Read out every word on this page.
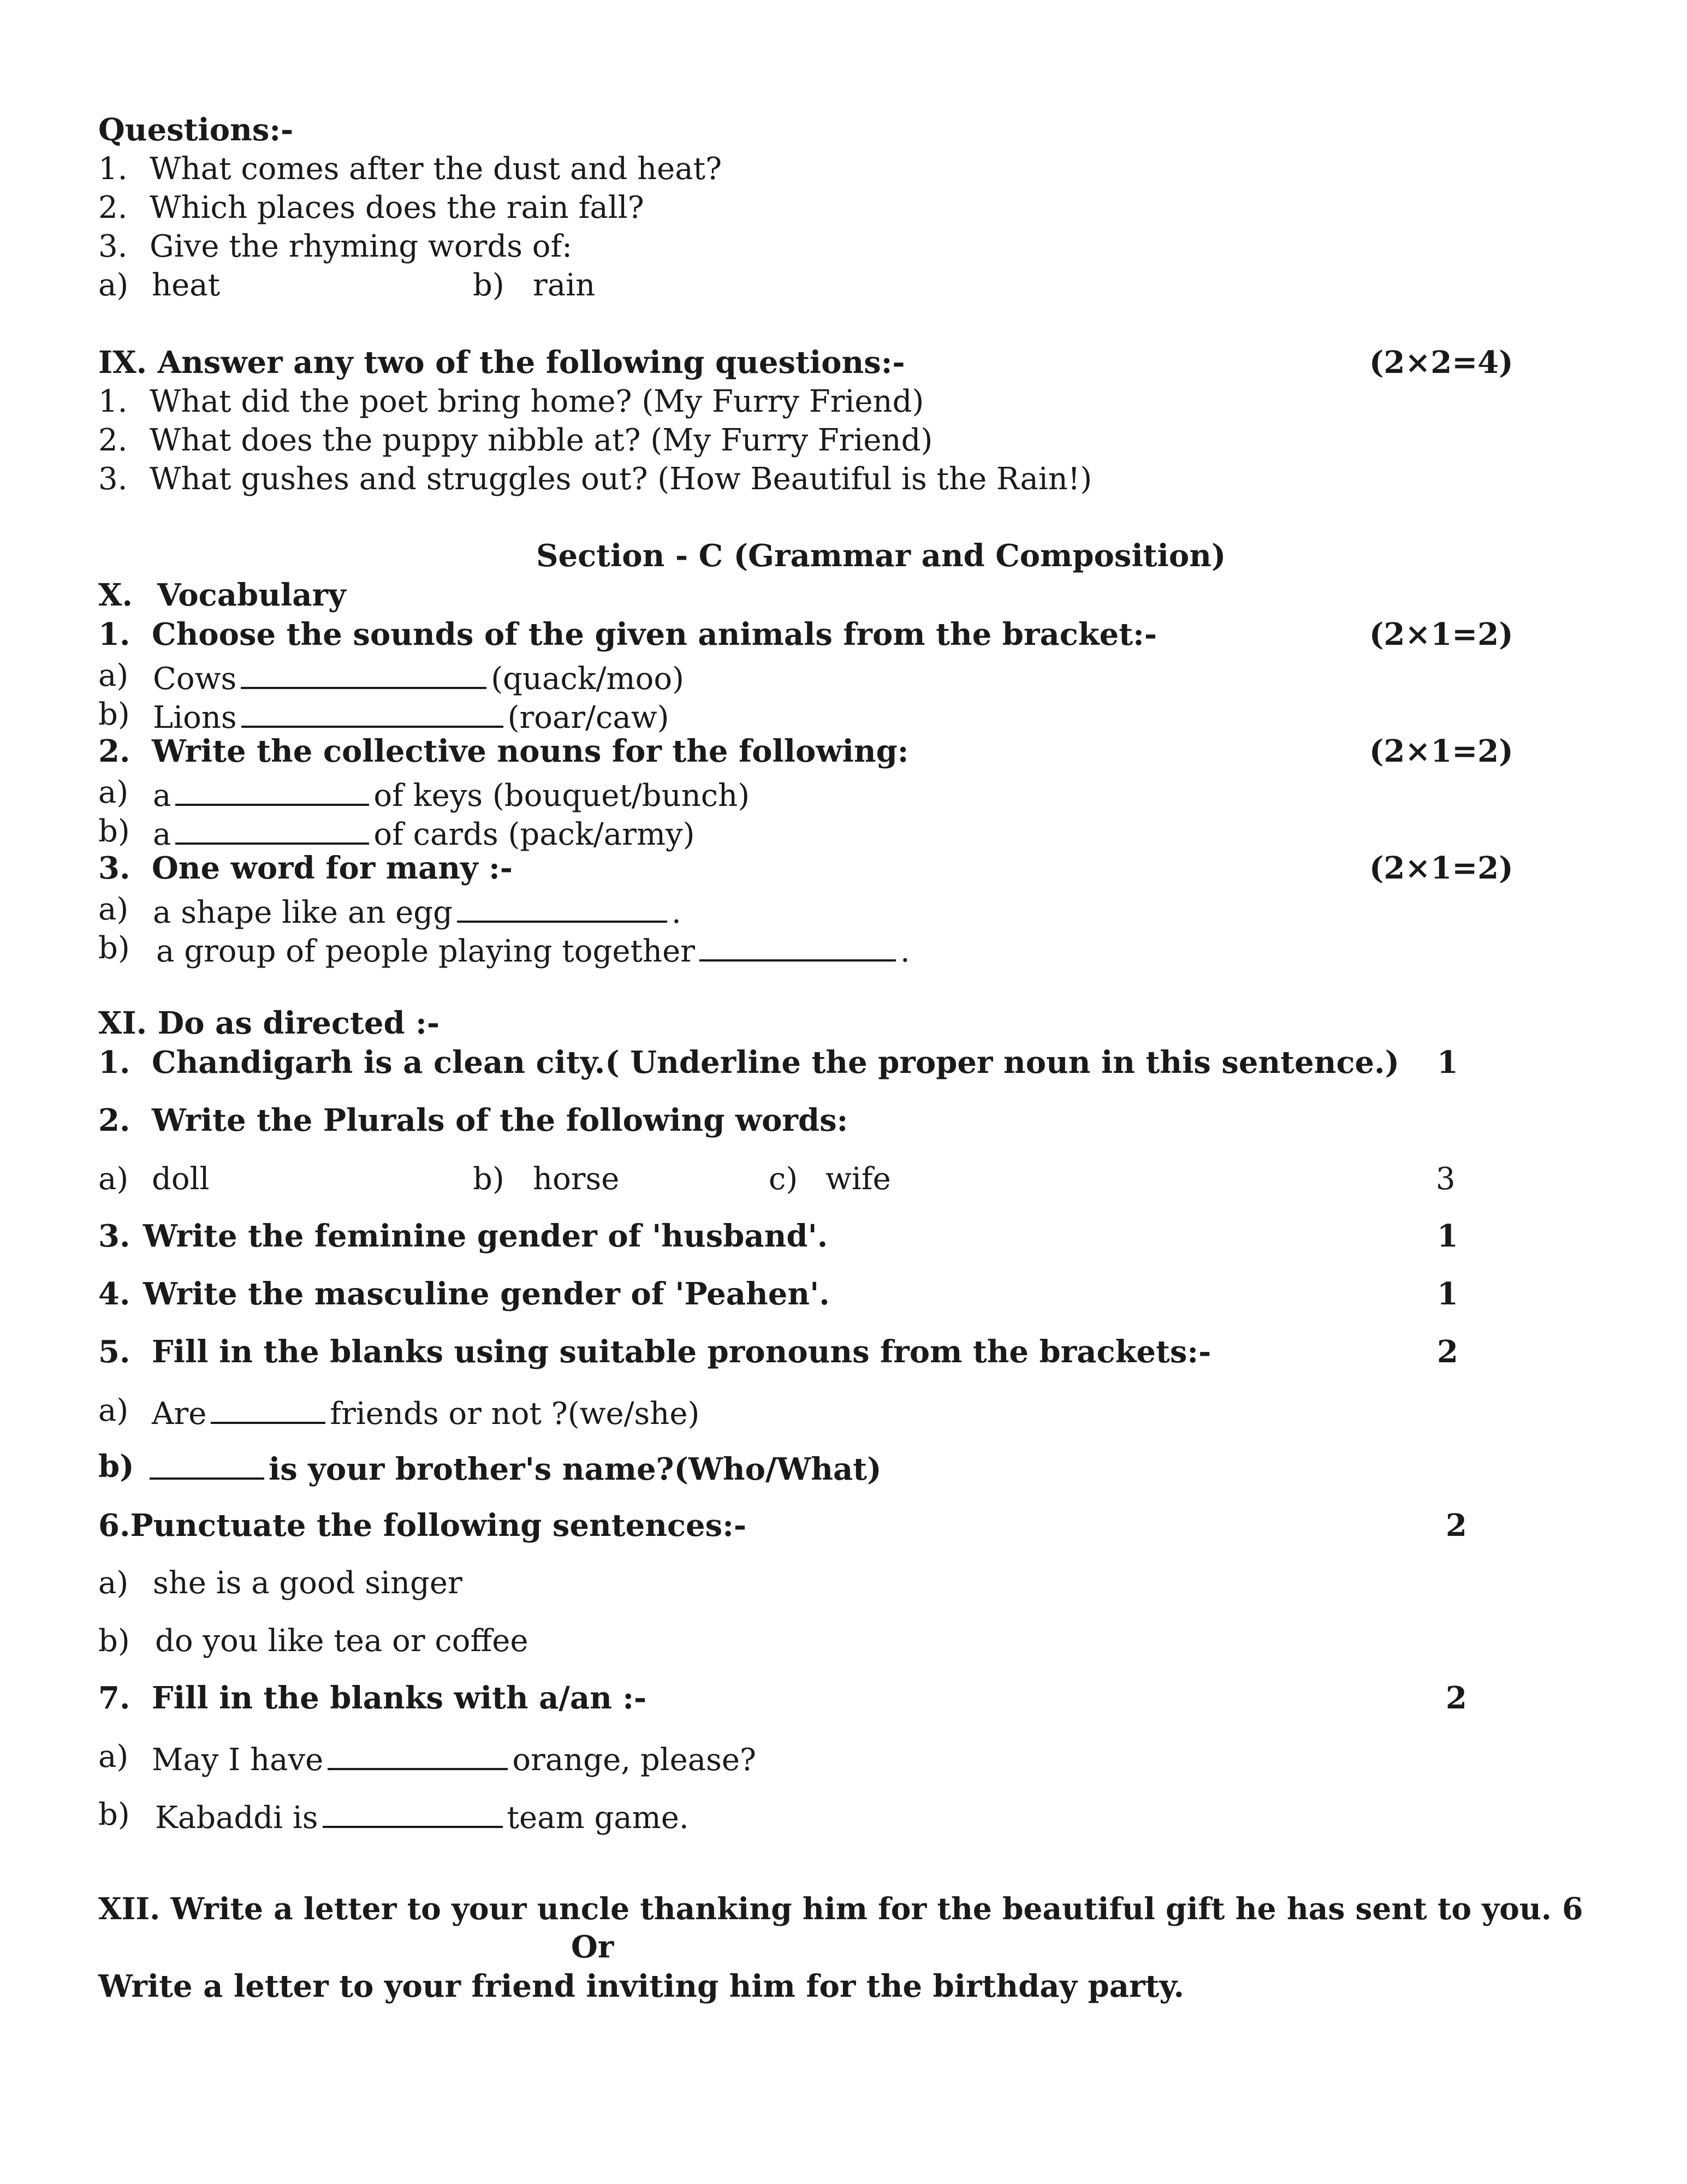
Questions:-
1. What comes after the dust and heat?
2. Which places does the rain fall?
3. Give the rhyming words of:
a) heat	b) rain
IX. Answer any two of the following questions:-	(2×2=4)
1. What did the poet bring home? (My Furry Friend)
2. What does the puppy nibble at? (My Furry Friend)
3. What gushes and struggles out? (How Beautiful is the Rain!)
Section - C (Grammar and Composition)
X. Vocabulary
1. Choose the sounds of the given animals from the bracket:-	(2×1=2)
a) Cows	(quack/moo)
b) Lions	(roar/caw)
2. Write the collective nouns for the following:	(2×1=2)
a) a	of keys (bouquet/bunch)
b) a	of cards (pack/army)
3. One word for many :-	(2×1=2)
a) a shape like an egg	.
b) a group of people playing together	.
XI. Do as directed :-
1. Chandigarh is a clean city.( Underline the proper noun in this sentence.) 1
2. Write the Plurals of the following words:
a) doll	b) horse	c) wife	3
3. Write the feminine gender of 'husband'.	1
4. Write the masculine gender of 'Peahen'.	1
5. Fill in the blanks using suitable pronouns from the brackets:-	2
a) Are	friends or not ?(we/she)
b)	is your brother's name?(Who/What)
6.Punctuate the following sentences:-	2
a) she is a good singer
b) do you like tea or coffee
7. Fill in the blanks with a/an :-	2
a) May I have	orange, please?
b) Kabaddi is	team game.
XII. Write a letter to your uncle thanking him for the beautiful gift he has sent to you. 6
Or
Write a letter to your friend inviting him for the birthday party.
